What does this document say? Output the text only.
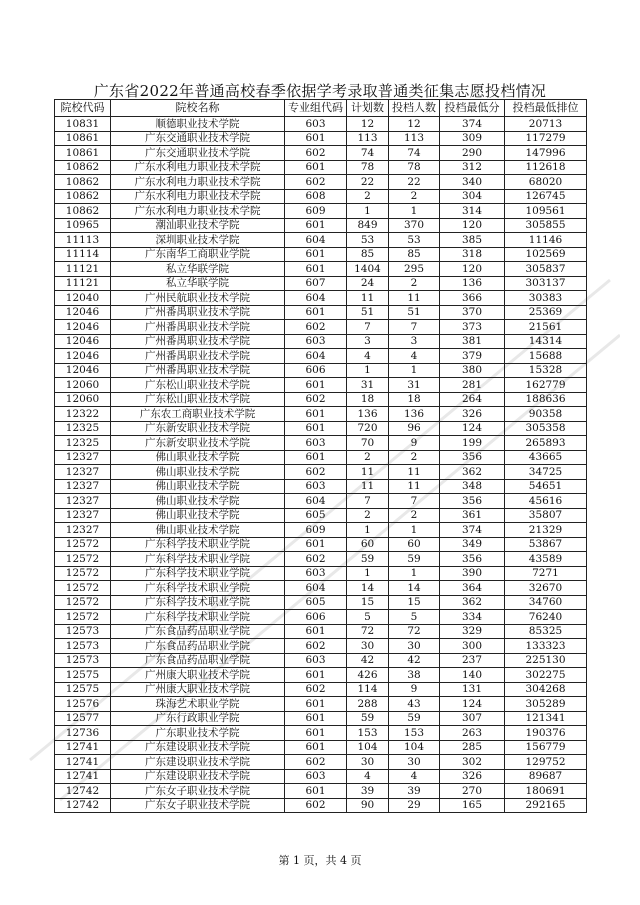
广东省2022年普通高校春季依据学考录取普通类征集志愿投档情况
院校代码	院校名称	专业组代码	计划数	投档人数	投档最低分	投档最低排位
10831	顺德职业技术学院	603	12	12	374	20713
10861	广东交通职业技术学院	601	113	113	309	117279
10861	广东交通职业技术学院	602	74	74	290	147996
10862	广东水利电力职业技术学院	601	78	78	312	112618
10862	广东水利电力职业技术学院	602	22	22	340	68020
10862	广东水利电力职业技术学院	608	2	2	304	126745
10862	广东水利电力职业技术学院	609	1	1	314	109561
10965	潮汕职业技术学院	601	849	370	120	305855
11113	深圳职业技术学院	604	53	53	385	11146
11114	广东南华工商职业学院	601	85	85	318	102569
11121	私立华联学院	601	1404	295	120	305837
11121	私立华联学院	607	24	2	136	303137
12040	广州民航职业技术学院	604	11	11	366	30383
12046	广州番禺职业技术学院	601	51	51	370	25369
12046	广州番禺职业技术学院	602	7	7	373	21561
12046	广州番禺职业技术学院	603	3	3	381	14314
12046	广州番禺职业技术学院	604	4	4	379	15688
12046	广州番禺职业技术学院	606	1	1	380	15328
12060	广东松山职业技术学院	601	31	31	281	162779
12060	广东松山职业技术学院	602	18	18	264	188636
12322	广东农工商职业技术学院	601	136	136	326	90358
12325	广东新安职业技术学院	601	720	96	124	305358
12325	广东新安职业技术学院	603	70	9	199	265893
12327	佛山职业技术学院	601	2	2	356	43665
12327	佛山职业技术学院	602	11	11	362	34725
12327	佛山职业技术学院	603	11	11	348	54651
12327	佛山职业技术学院	604	7	7	356	45616
12327	佛山职业技术学院	605	2	2	361	35807
12327	佛山职业技术学院	609	1	1	374	21329
12572	广东科学技术职业学院	601	60	60	349	53867
12572	广东科学技术职业学院	602	59	59	356	43589
12572	广东科学技术职业学院	603	1	1	390	7271
12572	广东科学技术职业学院	604	14	14	364	32670
12572	广东科学技术职业学院	605	15	15	362	34760
12572	广东科学技术职业学院	606	5	5	334	76240
12573	广东食品药品职业学院	601	72	72	329	85325
12573	广东食品药品职业学院	602	30	30	300	133323
12573	广东食品药品职业学院	603	42	42	237	225130
12575	广州康大职业技术学院	601	426	38	140	302275
12575	广州康大职业技术学院	602	114	9	131	304268
12576	珠海艺术职业学院	601	288	43	124	305289
12577	广东行政职业学院	601	59	59	307	121341
12736	广东职业技术学院	601	153	153	263	190376
12741	广东建设职业技术学院	601	104	104	285	156779
12741	广东建设职业技术学院	602	30	30	302	129752
12741	广东建设职业技术学院	603	4	4	326	89687
12742	广东女子职业技术学院	601	39	39	270	180691
12742	广东女子职业技术学院	602	90	29	165	292165
第 1 页，共 4 页
